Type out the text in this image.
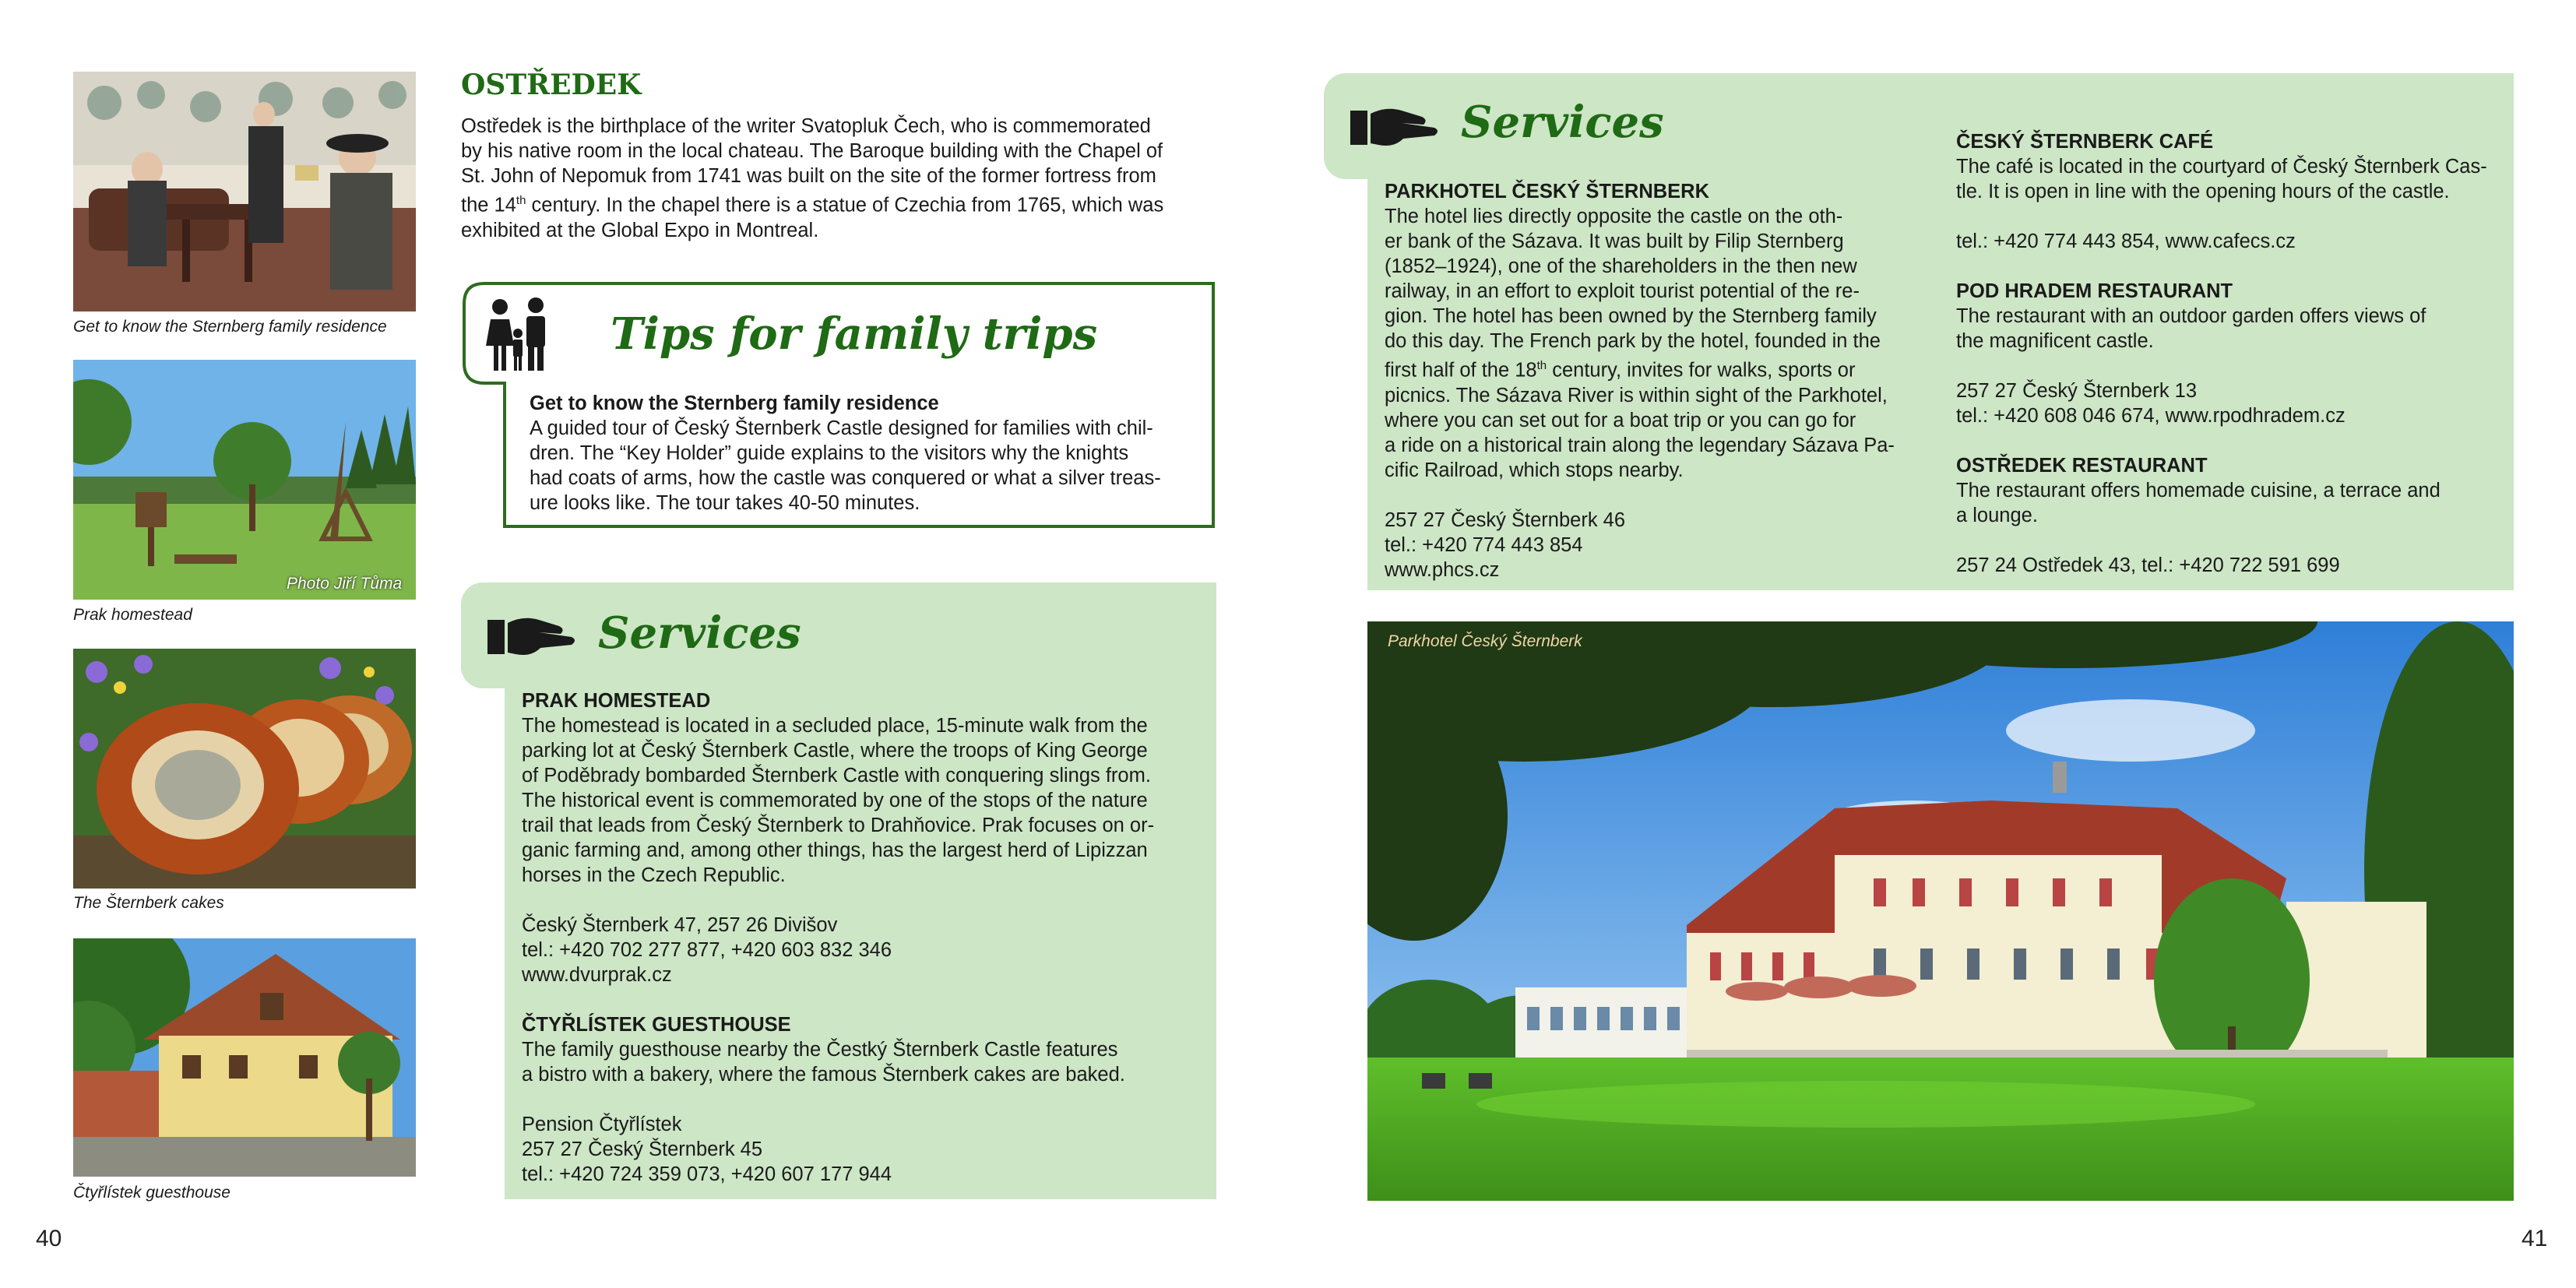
Get to know the Sternberg family residence
Photo Jiří Tůma
Prak homestead
The Šternberk cakes
Čtyřlístek guesthouse
OSTŘEDEK

Ostředek is the birthplace of the writer Svatopluk Čech, who is commemorated

by his native room in the local chateau. The Baroque building with the Chapel of

St. John of Nepomuk from 1741 was built on the site of the former fortress from

the 14th century. In the chapel there is a statue of Czechia from 1765, which was

exhibited at the Global Expo in Montreal.

Tips for family trips
Get to know the Sternberg family residence

A guided tour of Český Šternberk Castle designed for families with chil-

dren. The “Key Holder” guide explains to the visitors why the knights

had coats of arms, how the castle was conquered or what a silver treas-

ure looks like. The tour takes 40-50 minutes.

Services
PRAK HOMESTEAD

The homestead is located in a secluded place, 15-minute walk from the

parking lot at Český Šternberk Castle, where the troops of King George

of Poděbrady bombarded Šternberk Castle with conquering slings from.

The historical event is commemorated by one of the stops of the nature

trail that leads from Český Šternberk to Drahňovice. Prak focuses on or-

ganic farming and, among other things, has the largest herd of Lipizzan

horses in the Czech Republic.

Český Šternberk 47, 257 26 Divišov

tel.: +420 702 277 877, +420 603 832 346

www.dvurprak.cz

ČTYŘLÍSTEK GUESTHOUSE

The family guesthouse nearby the Čestký Šternberk Castle features

a bistro with a bakery, where the famous Šternberk cakes are baked.

Pension Čtyřlístek

257 27 Český Šternberk 45

tel.: +420 724 359 073, +420 607 177 944

40
Services
PARKHOTEL ČESKÝ ŠTERNBERK

The hotel lies directly opposite the castle on the oth-

er bank of the Sázava. It was built by Filip Sternberg

(1852–1924), one of the shareholders in the then new

railway, in an effort to exploit tourist potential of the re-

gion. The hotel has been owned by the Sternberg family

do this day. The French park by the hotel, founded in the

first half of the 18th century, invites for walks, sports or

picnics. The Sázava River is within sight of the Parkhotel,

where you can set out for a boat trip or you can go for

a ride on a historical train along the legendary Sázava Pa-

cific Railroad, which stops nearby.

257 27 Český Šternberk 46

tel.: +420 774 443 854

www.phcs.cz

ČESKÝ ŠTERNBERK CAFÉ

The café is located in the courtyard of Český Šternberk Cas-

tle. It is open in line with the opening hours of the castle.

tel.: +420 774 443 854, www.cafecs.cz

POD HRADEM RESTAURANT

The restaurant with an outdoor garden offers views of

the magnificent castle.

257 27 Český Šternberk 13

tel.: +420 608 046 674, www.rpodhradem.cz

OSTŘEDEK RESTAURANT

The restaurant offers homemade cuisine, a terrace and

a lounge.

257 24 Ostředek 43, tel.: +420 722 591 699

Parkhotel Český Šternberk
41
